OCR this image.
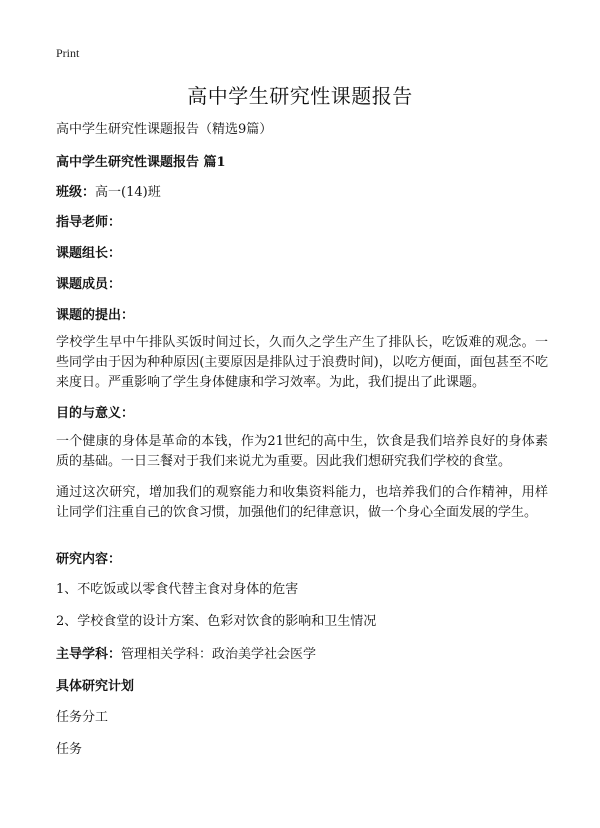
Print
高中学生研究性课题报告

高中学生研究性课题报告（精选9篇）

高中学生研究性课题报告 篇1

班级：高一(14)班

指导老师：

课题组长：

课题成员：

课题的提出：

学校学生早中午排队买饭时间过长，久而久之学生产生了排队长，吃饭难的观念。一些同学由于因为种种原因(主要原因是排队过于浪费时间)，以吃方便面，面包甚至不吃来度日。严重影响了学生身体健康和学习效率。为此，我们提出了此课题。

目的与意义：

一个健康的身体是革命的本钱，作为21世纪的高中生，饮食是我们培养良好的身体素质的基础。一日三餐对于我们来说尤为重要。因此我们想研究我们学校的食堂。

通过这次研究，增加我们的观察能力和收集资料能力，也培养我们的合作精神，用样让同学们注重自己的饮食习惯，加强他们的纪律意识，做一个身心全面发展的学生。

研究内容：

1、不吃饭或以零食代替主食对身体的危害

2、学校食堂的设计方案、色彩对饮食的影响和卫生情况

主导学科：管理相关学科：政治美学社会医学

具体研究计划

任务分工

任务
